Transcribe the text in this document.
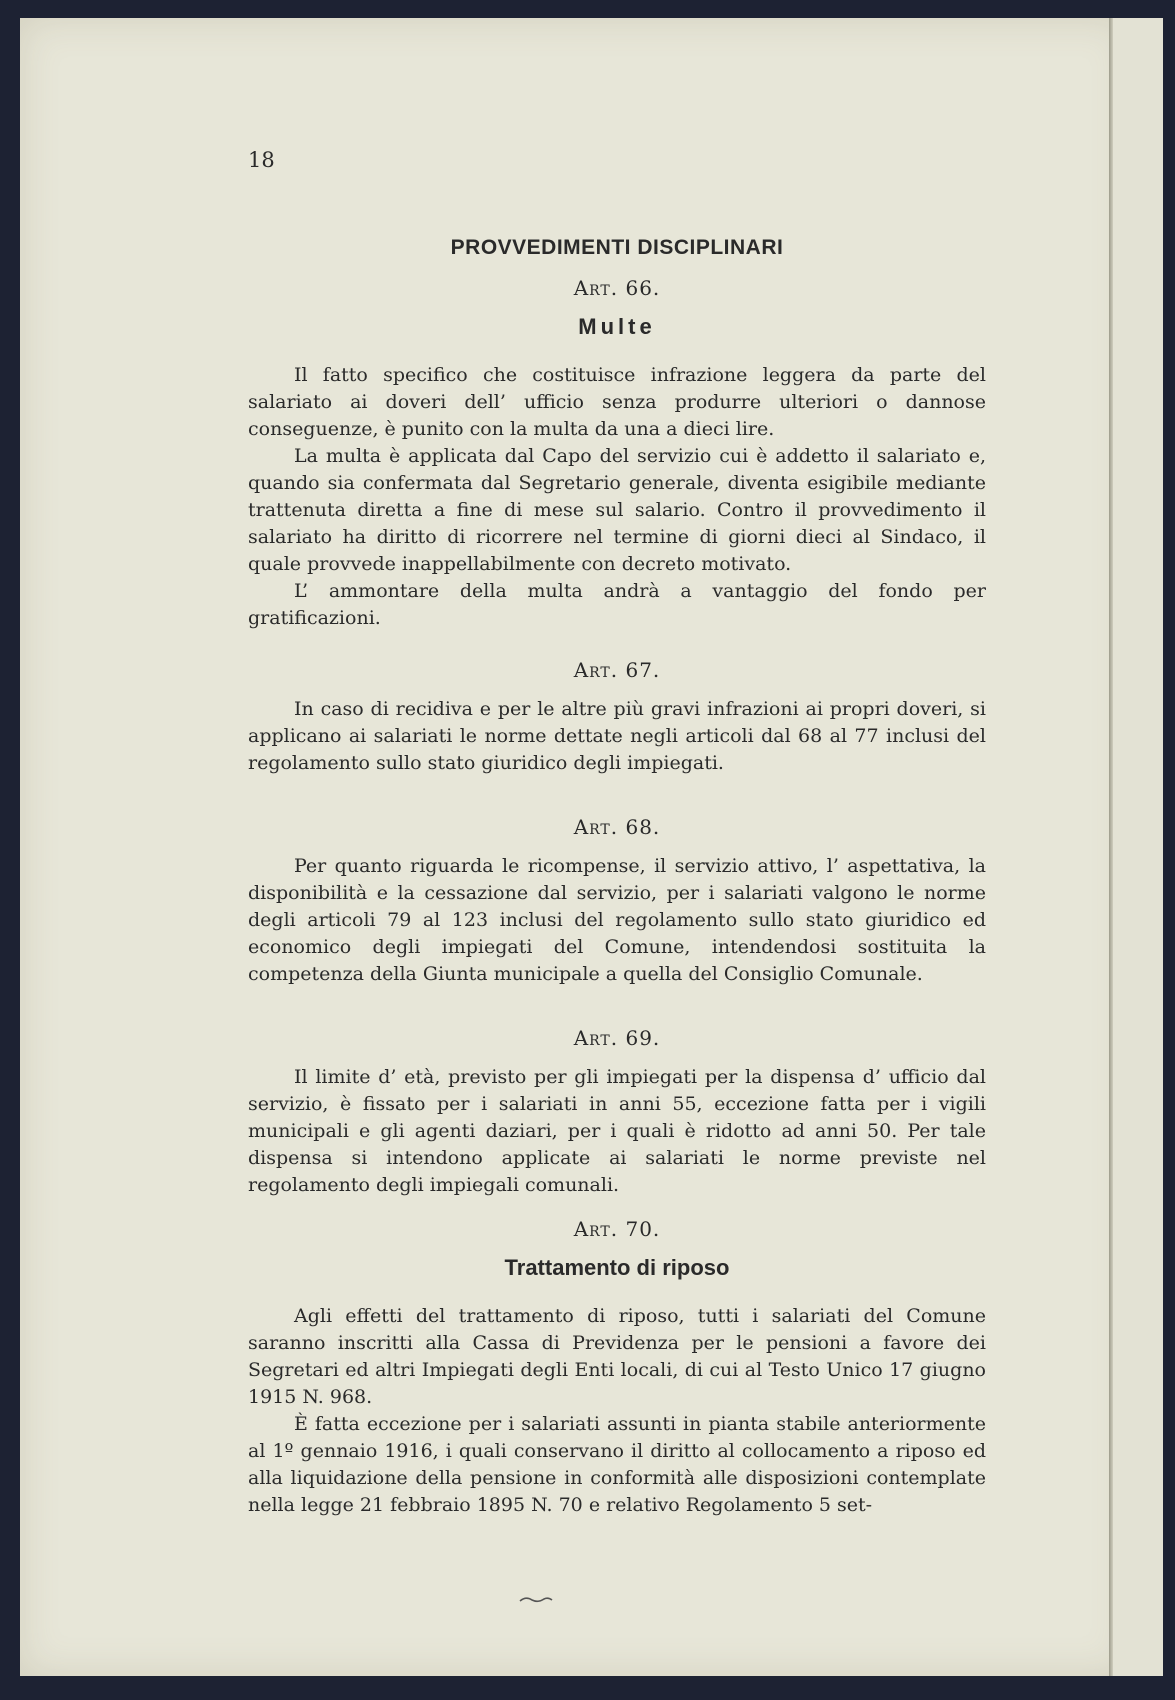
18
PROVVEDIMENTI DISCIPLINARI
Art. 66.
Multe

Il fatto specifico che costituisce infrazione leggera da parte del salariato ai doveri dell’ ufficio senza produrre ulteriori o dannose conseguenze, è punito con la multa da una a dieci lire.

La multa è applicata dal Capo del servizio cui è addetto il salariato e, quando sia confermata dal Segretario generale, diventa esigibile mediante trattenuta diretta a fine di mese sul salario. Contro il provvedimento il salariato ha diritto di ricorrere nel termine di giorni dieci al Sindaco, il quale provvede inappellabilmente con decreto motivato.

L’ ammontare della multa andrà a vantaggio del fondo per gratificazioni.

Art. 67.

In caso di recidiva e per le altre più gravi infrazioni ai propri doveri, si applicano ai salariati le norme dettate negli articoli dal 68 al 77 inclusi del regolamento sullo stato giuridico degli impiegati.

Art. 68.

Per quanto riguarda le ricompense, il servizio attivo, l’ aspettativa, la disponibilità e la cessazione dal servizio, per i salariati valgono le norme degli articoli 79 al 123 inclusi del regolamento sullo stato giuridico ed economico degli impiegati del Comune, intendendosi sostituita la competenza della Giunta municipale a quella del Consiglio Comunale.

Art. 69.

Il limite d’ età, previsto per gli impiegati per la dispensa d’ ufficio dal servizio, è fissato per i salariati in anni 55, eccezione fatta per i vigili municipali e gli agenti daziari, per i quali è ridotto ad anni 50. Per tale dispensa si intendono applicate ai salariati le norme previste nel regolamento degli impiegali comunali.

Art. 70.
Trattamento di riposo

Agli effetti del trattamento di riposo, tutti i salariati del Comune saranno inscritti alla Cassa di Previdenza per le pensioni a favore dei Segretari ed altri Impiegati degli Enti locali, di cui al Testo Unico 17 giugno 1915 N. 968.

È fatta eccezione per i salariati assunti in pianta stabile anteriormente al 1º gennaio 1916, i quali conservano il diritto al collocamento a riposo ed alla liquidazione della pensione in conformità alle disposizioni contemplate nella legge 21 febbraio 1895 N. 70 e relativo Regolamento 5 set-
